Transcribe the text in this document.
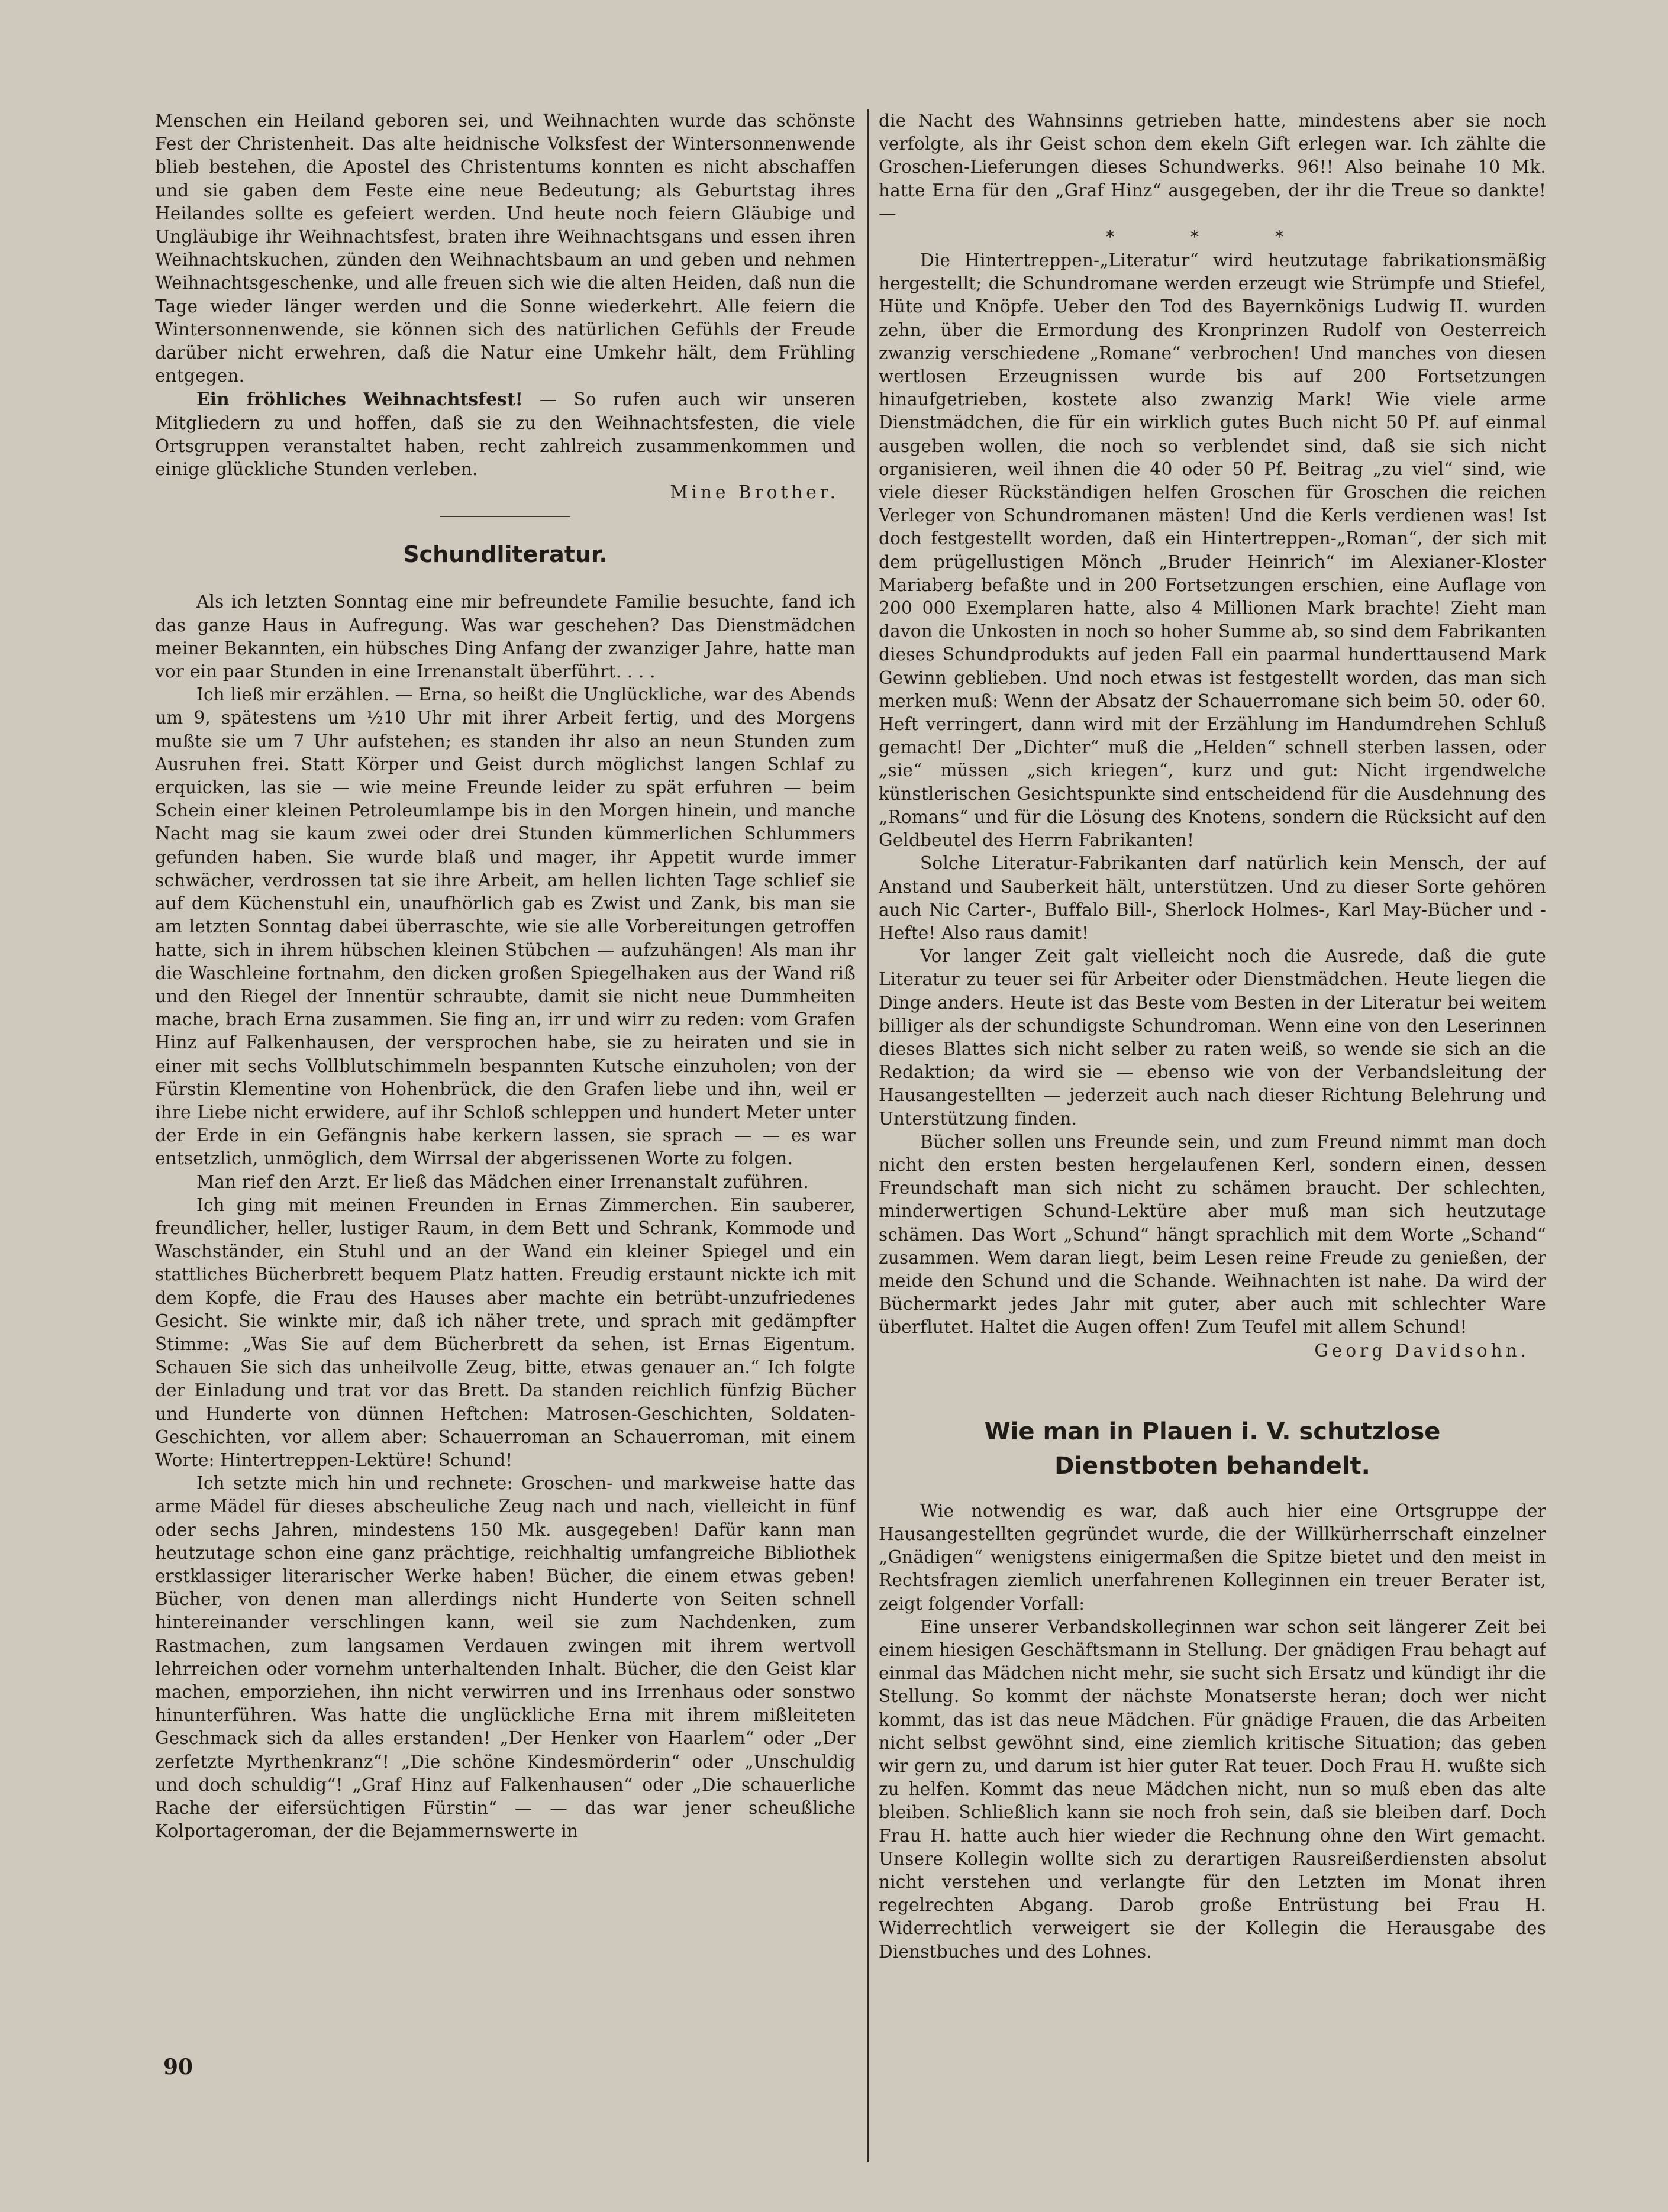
Menschen ein Heiland geboren sei, und Weihnachten wurde das schönste Fest der Christenheit. Das alte heidnische Volksfest der Wintersonnenwende blieb bestehen, die Apostel des Christentums konnten es nicht abschaffen und sie gaben dem Feste eine neue Bedeutung; als Geburtstag ihres Heilandes sollte es gefeiert werden. Und heute noch feiern Gläubige und Ungläubige ihr Weihnachtsfest, braten ihre Weihnachtsgans und essen ihren Weihnachtskuchen, zünden den Weihnachtsbaum an und geben und nehmen Weihnachtsgeschenke, und alle freuen sich wie die alten Heiden, daß nun die Tage wieder länger werden und die Sonne wiederkehrt. Alle feiern die Wintersonnenwende, sie können sich des natürlichen Gefühls der Freude darüber nicht erwehren, daß die Natur eine Umkehr hält, dem Frühling entgegen.

Ein fröhliches Weihnachtsfest! — So rufen auch wir unseren Mitgliedern zu und hoffen, daß sie zu den Weihnachtsfesten, die viele Ortsgruppen veranstaltet haben, recht zahlreich zusammenkommen und einige glückliche Stunden verleben.

Mine Brother.
Schundliteratur.

Als ich letzten Sonntag eine mir befreundete Familie besuchte, fand ich das ganze Haus in Aufregung. Was war geschehen? Das Dienstmädchen meiner Bekannten, ein hübsches Ding Anfang der zwanziger Jahre, hatte man vor ein paar Stunden in eine Irrenanstalt überführt. . . .

Ich ließ mir erzählen. — Erna, so heißt die Unglückliche, war des Abends um 9, spätestens um ½10 Uhr mit ihrer Arbeit fertig, und des Morgens mußte sie um 7 Uhr aufstehen; es standen ihr also an neun Stunden zum Ausruhen frei. Statt Körper und Geist durch möglichst langen Schlaf zu erquicken, las sie — wie meine Freunde leider zu spät erfuhren — beim Schein einer kleinen Petroleumlampe bis in den Morgen hinein, und manche Nacht mag sie kaum zwei oder drei Stunden kümmerlichen Schlummers gefunden haben. Sie wurde blaß und mager, ihr Appetit wurde immer schwächer, verdrossen tat sie ihre Arbeit, am hellen lichten Tage schlief sie auf dem Küchenstuhl ein, unaufhörlich gab es Zwist und Zank, bis man sie am letzten Sonntag dabei überraschte, wie sie alle Vorbereitungen getroffen hatte, sich in ihrem hübschen kleinen Stübchen — aufzuhängen! Als man ihr die Waschleine fortnahm, den dicken großen Spiegelhaken aus der Wand riß und den Riegel der Innentür schraubte, damit sie nicht neue Dummheiten mache, brach Erna zusammen. Sie fing an, irr und wirr zu reden: vom Grafen Hinz auf Falkenhausen, der versprochen habe, sie zu heiraten und sie in einer mit sechs Vollblutschimmeln bespannten Kutsche einzuholen; von der Fürstin Klementine von Hohenbrück, die den Grafen liebe und ihn, weil er ihre Liebe nicht erwidere, auf ihr Schloß schleppen und hundert Meter unter der Erde in ein Gefängnis habe kerkern lassen, sie sprach — — es war entsetzlich, unmöglich, dem Wirrsal der abgerissenen Worte zu folgen.

Man rief den Arzt. Er ließ das Mädchen einer Irrenanstalt zuführen.

Ich ging mit meinen Freunden in Ernas Zimmerchen. Ein sauberer, freundlicher, heller, lustiger Raum, in dem Bett und Schrank, Kommode und Waschständer, ein Stuhl und an der Wand ein kleiner Spiegel und ein stattliches Bücherbrett bequem Platz hatten. Freudig erstaunt nickte ich mit dem Kopfe, die Frau des Hauses aber machte ein betrübt-unzufriedenes Gesicht. Sie winkte mir, daß ich näher trete, und sprach mit gedämpfter Stimme: „Was Sie auf dem Bücherbrett da sehen, ist Ernas Eigentum. Schauen Sie sich das unheilvolle Zeug, bitte, etwas genauer an.“ Ich folgte der Einladung und trat vor das Brett. Da standen reichlich fünfzig Bücher und Hunderte von dünnen Heftchen: Matrosen-Geschichten, Soldaten-Geschichten, vor allem aber: Schauerroman an Schauerroman, mit einem Worte: Hintertreppen-Lektüre! Schund!

Ich setzte mich hin und rechnete: Groschen- und markweise hatte das arme Mädel für dieses abscheuliche Zeug nach und nach, vielleicht in fünf oder sechs Jahren, mindestens 150 Mk. ausgegeben! Dafür kann man heutzutage schon eine ganz prächtige, reichhaltig umfangreiche Bibliothek erstklassiger literarischer Werke haben! Bücher, die einem etwas geben! Bücher, von denen man allerdings nicht Hunderte von Seiten schnell hintereinander verschlingen kann, weil sie zum Nachdenken, zum Rastmachen, zum langsamen Verdauen zwingen mit ihrem wertvoll lehrreichen oder vornehm unterhaltenden Inhalt. Bücher, die den Geist klar machen, emporziehen, ihn nicht verwirren und ins Irrenhaus oder sonstwo hinunterführen. Was hatte die unglückliche Erna mit ihrem mißleiteten Geschmack sich da alles erstanden! „Der Henker von Haarlem“ oder „Der zerfetzte Myrthenkranz“! „Die schöne Kindesmörderin“ oder „Unschuldig und doch schuldig“! „Graf Hinz auf Falkenhausen“ oder „Die schauerliche Rache der eifersüchtigen Fürstin“ — — das war jener scheußliche Kolportageroman, der die Bejammernswerte in

die Nacht des Wahnsinns getrieben hatte, mindestens aber sie noch verfolgte, als ihr Geist schon dem ekeln Gift erlegen war. Ich zählte die Groschen-Lieferungen dieses Schundwerks. 96!! Also beinahe 10 Mk. hatte Erna für den „Graf Hinz“ ausgegeben, der ihr die Treue so dankte! —

* * *

Die Hintertreppen-„Literatur“ wird heutzutage fabrikationsmäßig hergestellt; die Schundromane werden erzeugt wie Strümpfe und Stiefel, Hüte und Knöpfe. Ueber den Tod des Bayernkönigs Ludwig II. wurden zehn, über die Ermordung des Kronprinzen Rudolf von Oesterreich zwanzig verschiedene „Romane“ verbrochen! Und manches von diesen wertlosen Erzeugnissen wurde bis auf 200 Fortsetzungen hinaufgetrieben, kostete also zwanzig Mark! Wie viele arme Dienstmädchen, die für ein wirklich gutes Buch nicht 50 Pf. auf einmal ausgeben wollen, die noch so verblendet sind, daß sie sich nicht organisieren, weil ihnen die 40 oder 50 Pf. Beitrag „zu viel“ sind, wie viele dieser Rückständigen helfen Groschen für Groschen die reichen Verleger von Schundromanen mästen! Und die Kerls verdienen was! Ist doch festgestellt worden, daß ein Hintertreppen-„Roman“, der sich mit dem prügellustigen Mönch „Bruder Heinrich“ im Alexianer-Kloster Mariaberg befaßte und in 200 Fortsetzungen erschien, eine Auflage von 200 000 Exemplaren hatte, also 4 Millionen Mark brachte! Zieht man davon die Unkosten in noch so hoher Summe ab, so sind dem Fabrikanten dieses Schundprodukts auf jeden Fall ein paarmal hunderttausend Mark Gewinn geblieben. Und noch etwas ist festgestellt worden, das man sich merken muß: Wenn der Absatz der Schauerromane sich beim 50. oder 60. Heft verringert, dann wird mit der Erzählung im Handumdrehen Schluß gemacht! Der „Dichter“ muß die „Helden“ schnell sterben lassen, oder „sie“ müssen „sich kriegen“, kurz und gut: Nicht irgendwelche künstlerischen Gesichtspunkte sind entscheidend für die Ausdehnung des „Romans“ und für die Lösung des Knotens, sondern die Rücksicht auf den Geldbeutel des Herrn Fabrikanten!

Solche Literatur-Fabrikanten darf natürlich kein Mensch, der auf Anstand und Sauberkeit hält, unterstützen. Und zu dieser Sorte gehören auch Nic Carter-, Buffalo Bill-, Sherlock Holmes-, Karl May-Bücher und -Hefte! Also raus damit!

Vor langer Zeit galt vielleicht noch die Ausrede, daß die gute Literatur zu teuer sei für Arbeiter oder Dienstmädchen. Heute liegen die Dinge anders. Heute ist das Beste vom Besten in der Literatur bei weitem billiger als der schundigste Schundroman. Wenn eine von den Leserinnen dieses Blattes sich nicht selber zu raten weiß, so wende sie sich an die Redaktion; da wird sie — ebenso wie von der Verbandsleitung der Hausangestellten — jederzeit auch nach dieser Richtung Belehrung und Unterstützung finden.

Bücher sollen uns Freunde sein, und zum Freund nimmt man doch nicht den ersten besten hergelaufenen Kerl, sondern einen, dessen Freundschaft man sich nicht zu schämen braucht. Der schlechten, minderwertigen Schund-Lektüre aber muß man sich heutzutage schämen. Das Wort „Schund“ hängt sprachlich mit dem Worte „Schand“ zusammen. Wem daran liegt, beim Lesen reine Freude zu genießen, der meide den Schund und die Schande. Weihnachten ist nahe. Da wird der Büchermarkt jedes Jahr mit guter, aber auch mit schlechter Ware überflutet. Haltet die Augen offen! Zum Teufel mit allem Schund!

Georg Davidsohn.
Wie man in Plauen i. V. schutzlose
Dienstboten behandelt.

Wie notwendig es war, daß auch hier eine Ortsgruppe der Hausangestellten gegründet wurde, die der Willkürherrschaft einzelner „Gnädigen“ wenigstens einigermaßen die Spitze bietet und den meist in Rechtsfragen ziemlich unerfahrenen Kolleginnen ein treuer Berater ist, zeigt folgender Vorfall:

Eine unserer Verbandskolleginnen war schon seit längerer Zeit bei einem hiesigen Geschäftsmann in Stellung. Der gnädigen Frau behagt auf einmal das Mädchen nicht mehr, sie sucht sich Ersatz und kündigt ihr die Stellung. So kommt der nächste Monatserste heran; doch wer nicht kommt, das ist das neue Mädchen. Für gnädige Frauen, die das Arbeiten nicht selbst gewöhnt sind, eine ziemlich kritische Situation; das geben wir gern zu, und darum ist hier guter Rat teuer. Doch Frau H. wußte sich zu helfen. Kommt das neue Mädchen nicht, nun so muß eben das alte bleiben. Schließlich kann sie noch froh sein, daß sie bleiben darf. Doch Frau H. hatte auch hier wieder die Rechnung ohne den Wirt gemacht. Unsere Kollegin wollte sich zu derartigen Rausreißerdiensten absolut nicht verstehen und verlangte für den Letzten im Monat ihren regelrechten Abgang. Darob große Entrüstung bei Frau H. Widerrechtlich verweigert sie der Kollegin die Herausgabe des Dienstbuches und des Lohnes.

90
